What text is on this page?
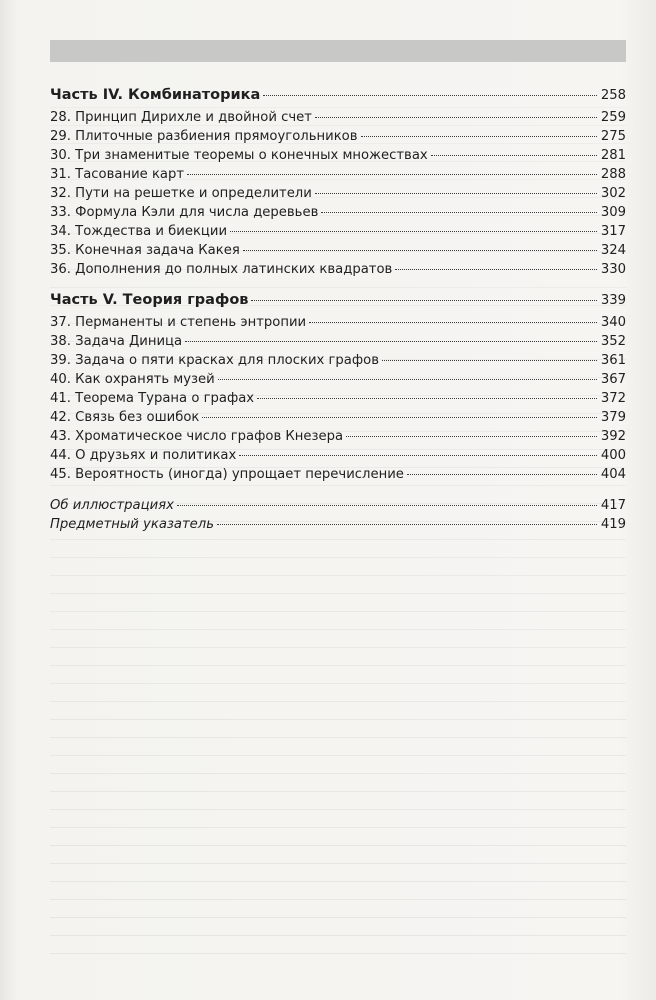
Часть IV. Комбинаторика	258
28. Принцип Дирихле и двойной счет	259
29. Плиточные разбиения прямоугольников	275
30. Три знаменитые теоремы о конечных множествах	281
31. Тасование карт	288
32. Пути на решетке и определители	302
33. Формула Кэли для числа деревьев	309
34. Тождества и биекции	317
35. Конечная задача Какея	324
36. Дополнения до полных латинских квадратов	330
Часть V. Теория графов	339
37. Перманенты и степень энтропии	340
38. Задача Диница	352
39. Задача о пяти красках для плоских графов	361
40. Как охранять музей	367
41. Теорема Турана о графах	372
42. Связь без ошибок	379
43. Хроматическое число графов Кнезера	392
44. О друзьях и политиках	400
45. Вероятность (иногда) упрощает перечисление	404
Об иллюстрациях	417
Предметный указатель	419
